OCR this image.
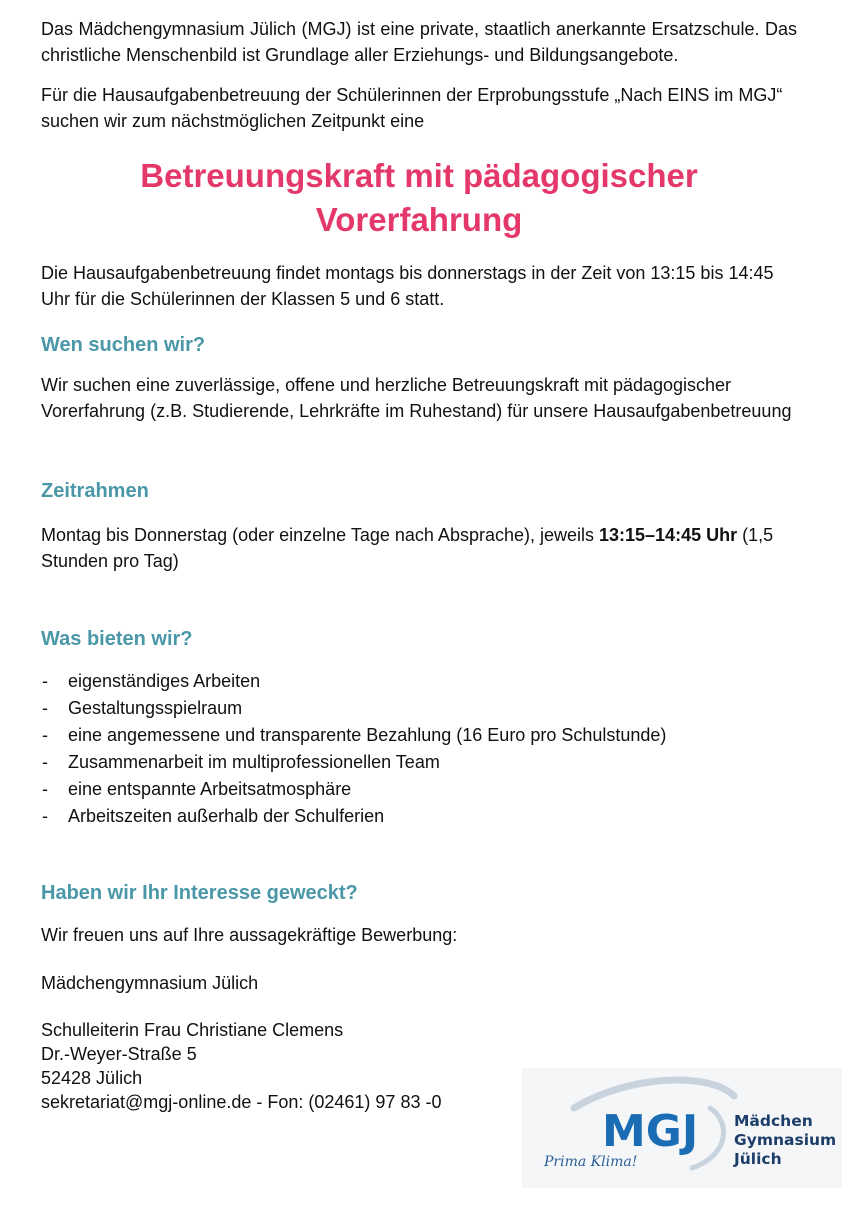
Das Mädchengymnasium Jülich (MGJ) ist eine private, staatlich anerkannte Ersatzschule. Das christliche Menschenbild ist Grundlage aller Erziehungs- und Bildungsangebote.

Für die Hausaufgabenbetreuung der Schülerinnen der Erprobungsstufe „Nach EINS im MGJ“ suchen wir zum nächstmöglichen Zeitpunkt eine

Betreuungskraft mit pädagogischer
Vorerfahrung

Die Hausaufgabenbetreuung findet montags bis donnerstags in der Zeit von 13:15 bis 14:45 Uhr für die Schülerinnen der Klassen 5 und 6 statt.

Wen suchen wir?

Wir suchen eine zuverlässige, offene und herzliche Betreuungskraft mit pädagogischer Vorerfahrung (z.B. Studierende, Lehrkräfte im Ruhestand) für unsere Hausaufgabenbetreuung

Zeitrahmen

Montag bis Donnerstag (oder einzelne Tage nach Absprache), jeweils 13:15–14:45 Uhr (1,5 Stunden pro Tag)

Was bieten wir?
- eigenständiges Arbeiten
- Gestaltungsspielraum
- eine angemessene und transparente Bezahlung (16 Euro pro Schulstunde)
- Zusammenarbeit im multiprofessionellen Team
- eine entspannte Arbeitsatmosphäre
- Arbeitszeiten außerhalb der Schulferien
Haben wir Ihr Interesse geweckt?

Wir freuen uns auf Ihre aussagekräftige Bewerbung:

Mädchengymnasium Jülich

Schulleiterin Frau Christiane Clemens

Dr.-Weyer-Straße 5

52428 Jülich

sekretariat@mgj-online.de - Fon: (02461) 97 83 -0

MGJ Mädchen
Gymnasium
Jülich
Prima Klima!
